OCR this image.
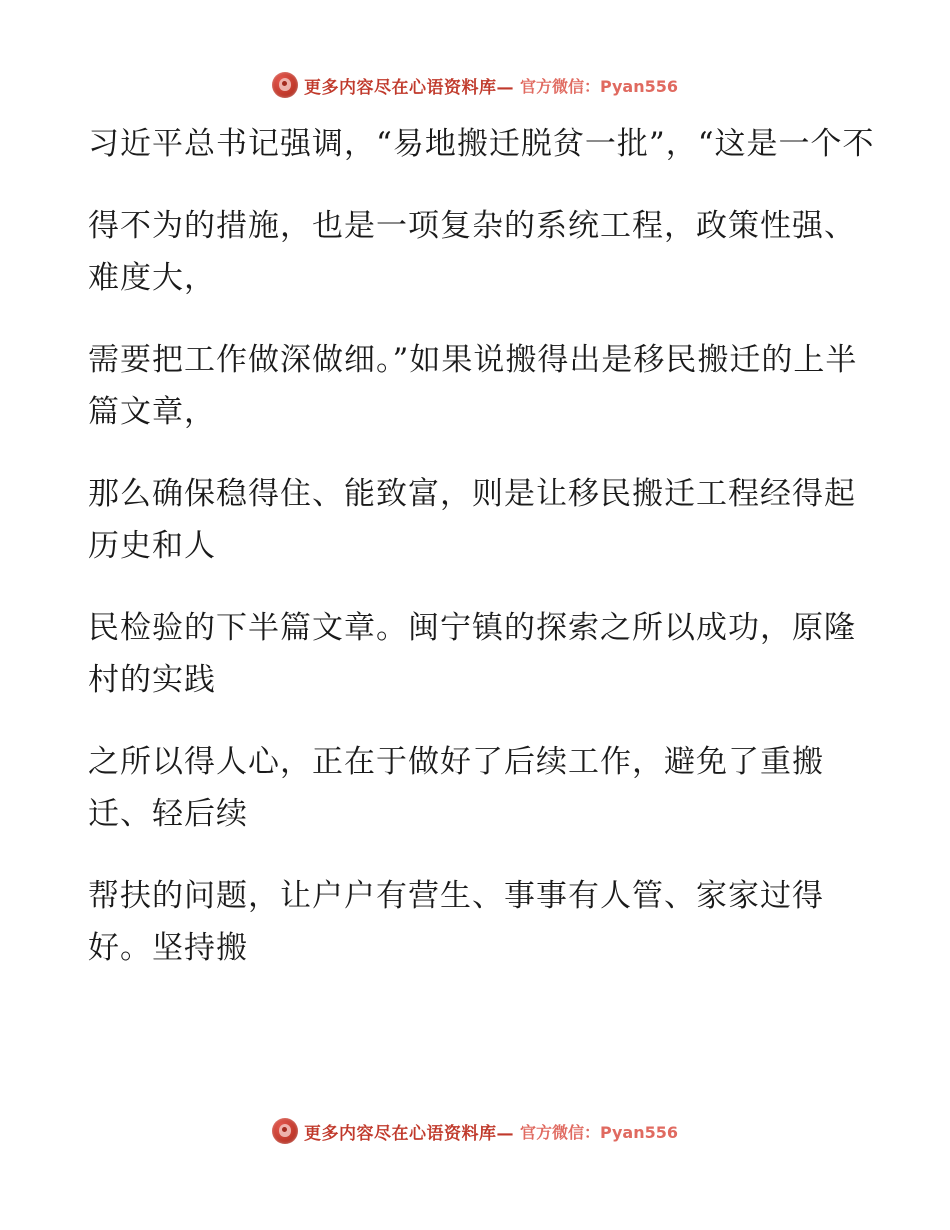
更多内容尽在心语资料库— 官方微信：Pyan556

习近平总书记强调，“易地搬迁脱贫一批”，“这是一个不

得不为的措施，也是一项复杂的系统工程，政策性强、难度大，

需要把工作做深做细。”如果说搬得出是移民搬迁的上半篇文章，

那么确保稳得住、能致富，则是让移民搬迁工程经得起历史和人

民检验的下半篇文章。闽宁镇的探索之所以成功，原隆村的实践

之所以得人心，正在于做好了后续工作，避免了重搬迁、轻后续

帮扶的问题，让户户有营生、事事有人管、家家过得好。坚持搬

更多内容尽在心语资料库— 官方微信：Pyan556
